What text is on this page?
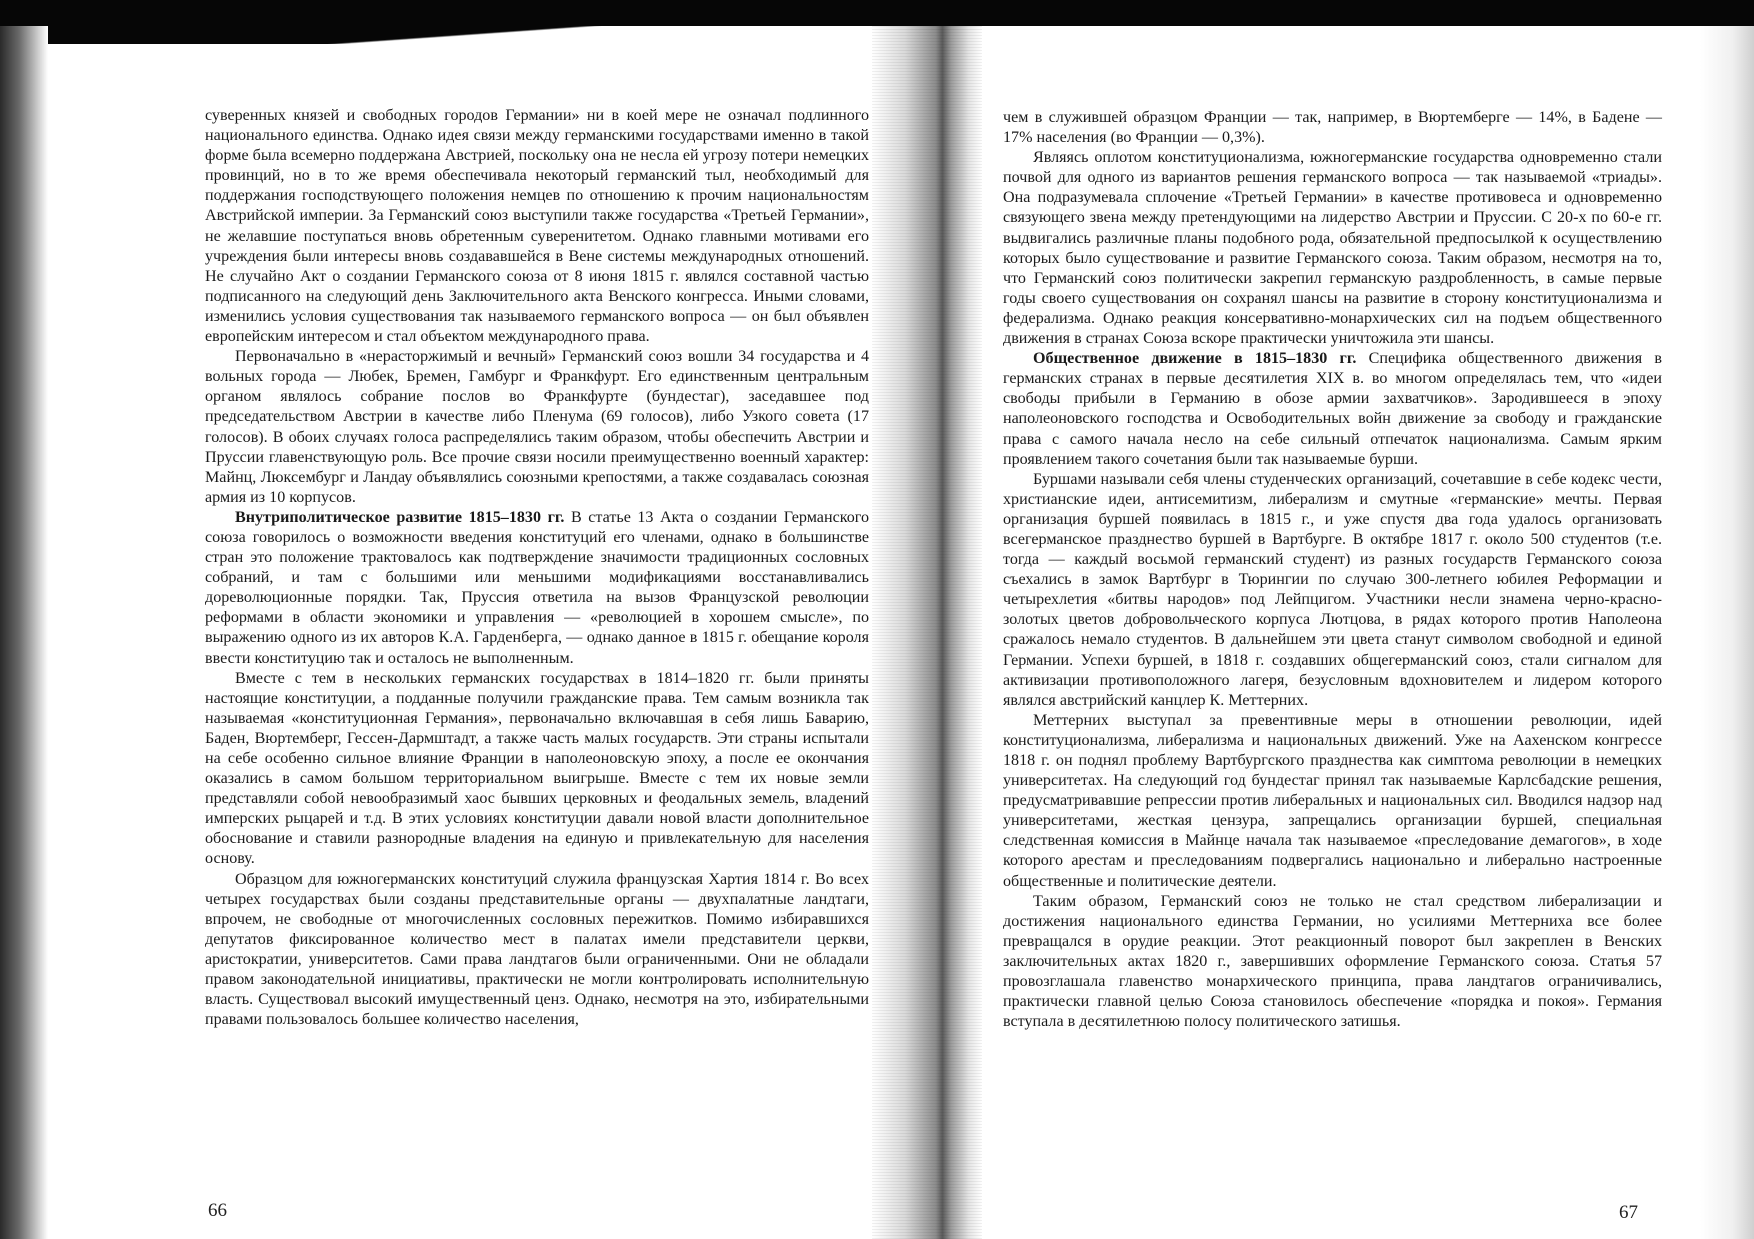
суверенных князей и свободных городов Германии» ни в коей мере не означал подлинного национального единства. Однако идея связи между германскими государствами именно в такой форме была всемерно поддержана Австрией, поскольку она не несла ей угрозу потери немецких провинций, но в то же время обеспечивала некоторый германский тыл, необходимый для поддержания господствующего положения немцев по отношению к прочим национальностям Австрийской империи. За Германский союз выступили также государства «Третьей Германии», не желавшие поступаться вновь обретенным суверенитетом. Однако главными мотивами его учреждения были интересы вновь создававшейся в Вене системы международных отношений. Не случайно Акт о создании Германского союза от 8 июня 1815 г. являлся составной частью подписанного на следующий день Заключительного акта Венского конгресса. Иными словами, изменились условия существования так называемого германского вопроса — он был объявлен европейским интересом и стал объектом международного права.

Первоначально в «нерасторжимый и вечный» Германский союз вошли 34 государства и 4 вольных города — Любек, Бремен, Гамбург и Франкфурт. Его единственным центральным органом являлось собрание послов во Франкфурте (бундестаг), заседавшее под председательством Австрии в качестве либо Пленума (69 голосов), либо Узкого совета (17 голосов). В обоих случаях голоса распределялись таким образом, чтобы обеспечить Австрии и Пруссии главенствующую роль. Все прочие связи носили преимущественно военный характер: Майнц, Люксембург и Ландау объявлялись союзными крепостями, а также создавалась союзная армия из 10 корпусов.

Внутриполитическое развитие 1815–1830 гг. В статье 13 Акта о создании Германского союза говорилось о возможности введения конституций его членами, однако в большинстве стран это положение трактовалось как подтверждение значимости традиционных сословных собраний, и там с большими или меньшими модификациями восстанавливались дореволюционные порядки. Так, Пруссия ответила на вызов Французской революции реформами в области экономики и управления — «революцией в хорошем смысле», по выражению одного из их авторов К.А. Гарденберга, — однако данное в 1815 г. обещание короля ввести конституцию так и осталось не выполненным.

Вместе с тем в нескольких германских государствах в 1814–1820 гг. были приняты настоящие конституции, а подданные получили гражданские права. Тем самым возникла так называемая «конституционная Германия», первоначально включавшая в себя лишь Баварию, Баден, Вюртемберг, Гессен-Дармштадт, а также часть малых государств. Эти страны испытали на себе особенно сильное влияние Франции в наполеоновскую эпоху, а после ее окончания оказались в самом большом территориальном выигрыше. Вместе с тем их новые земли представляли собой невообразимый хаос бывших церковных и феодальных земель, владений имперских рыцарей и т.д. В этих условиях конституции давали новой власти дополнительное обоснование и ставили разнородные владения на единую и привлекательную для населения основу.

Образцом для южногерманских конституций служила французская Хартия 1814 г. Во всех четырех государствах были созданы представительные органы — двухпалатные ландтаги, впрочем, не свободные от многочисленных сословных пережитков. Помимо избиравшихся депутатов фиксированное количество мест в палатах имели представители церкви, аристократии, университетов. Сами права ландтагов были ограниченными. Они не обладали правом законодательной инициативы, практически не могли контролировать исполнительную власть. Существовал высокий имущественный ценз. Однако, несмотря на это, избирательными правами пользовалось большее количество населения,

чем в служившей образцом Франции — так, например, в Вюртемберге — 14%, в Бадене — 17% населения (во Франции — 0,3%).

Являясь оплотом конституционализма, южногерманские государства одновременно стали почвой для одного из вариантов решения германского вопроса — так называемой «триады». Она подразумевала сплочение «Третьей Германии» в качестве противовеса и одновременно связующего звена между претендующими на лидерство Австрии и Пруссии. С 20-х по 60-е гг. выдвигались различные планы подобного рода, обязательной предпосылкой к осуществлению которых было существование и развитие Германского союза. Таким образом, несмотря на то, что Германский союз политически закрепил германскую раздробленность, в самые первые годы своего существования он сохранял шансы на развитие в сторону конституционализма и федерализма. Однако реакция консервативно-монархических сил на подъем общественного движения в странах Союза вскоре практически уничтожила эти шансы.

Общественное движение в 1815–1830 гг. Специфика общественного движения в германских странах в первые десятилетия XIX в. во многом определялась тем, что «идеи свободы прибыли в Германию в обозе армии захватчиков». Зародившееся в эпоху наполеоновского господства и Освободительных войн движение за свободу и гражданские права с самого начала несло на себе сильный отпечаток национализма. Самым ярким проявлением такого сочетания были так называемые бурши.

Буршами называли себя члены студенческих организаций, сочетавшие в себе кодекс чести, христианские идеи, антисемитизм, либерализм и смутные «германские» мечты. Первая организация буршей появилась в 1815 г., и уже спустя два года удалось организовать всегерманское празднество буршей в Вартбурге. В октябре 1817 г. около 500 студентов (т.е. тогда — каждый восьмой германский студент) из разных государств Германского союза съехались в замок Вартбург в Тюрингии по случаю 300-летнего юбилея Реформации и четырехлетия «битвы народов» под Лейпцигом. Участники несли знамена черно-красно-золотых цветов добровольческого корпуса Лютцова, в рядах которого против Наполеона сражалось немало студентов. В дальнейшем эти цвета станут символом свободной и единой Германии. Успехи буршей, в 1818 г. создавших общегерманский союз, стали сигналом для активизации противоположного лагеря, безусловным вдохновителем и лидером которого являлся австрийский канцлер К. Меттерних.

Меттерних выступал за превентивные меры в отношении революции, идей конституционализма, либерализма и национальных движений. Уже на Аахенском конгрессе 1818 г. он поднял проблему Вартбургского празднества как симптома революции в немецких университетах. На следующий год бундестаг принял так называемые Карлсбадские решения, предусматривавшие репрессии против либеральных и национальных сил. Вводился надзор над университетами, жесткая цензура, запрещались организации буршей, специальная следственная комиссия в Майнце начала так называемое «преследование демагогов», в ходе которого арестам и преследованиям подвергались национально и либерально настроенные общественные и политические деятели.

Таким образом, Германский союз не только не стал средством либерализации и достижения национального единства Германии, но усилиями Меттерниха все более превращался в орудие реакции. Этот реакционный поворот был закреплен в Венских заключительных актах 1820 г., завершивших оформление Германского союза. Статья 57 провозглашала главенство монархического принципа, права ландтагов ограничивались, практически главной целью Союза становилось обеспечение «порядка и покоя». Германия вступала в десятилетнюю полосу политического затишья.

66	67
